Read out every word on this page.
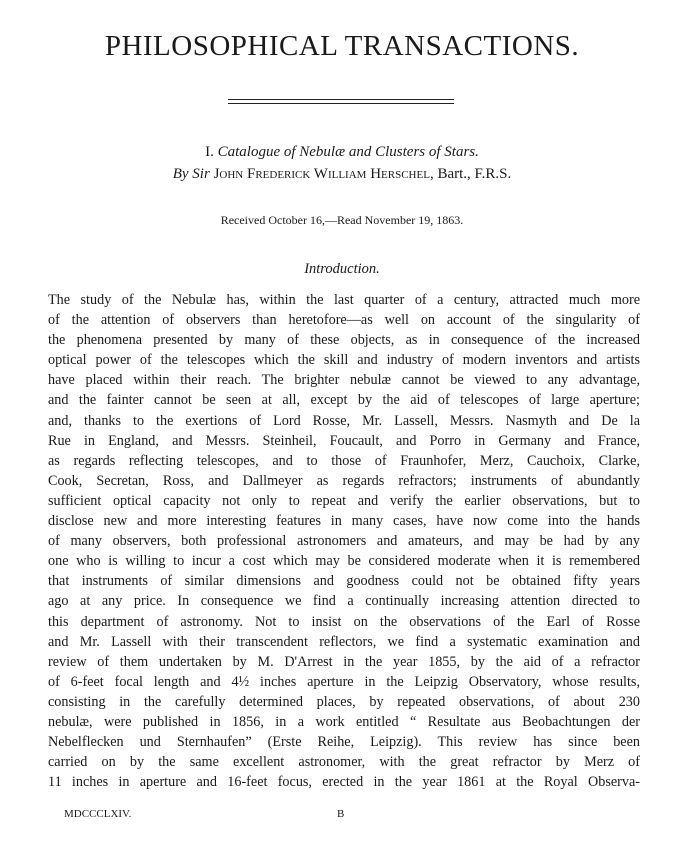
PHILOSOPHICAL TRANSACTIONS.
I. Catalogue of Nebulæ and Clusters of Stars.
By Sir John Frederick William Herschel, Bart., F.R.S.
Received October 16,—Read November 19, 1863.
Introduction.
The study of the Nebulæ has, within the last quarter of a century, attracted much more
of the attention of observers than heretofore—as well on account of the singularity of
the phenomena presented by many of these objects, as in consequence of the increased
optical power of the telescopes which the skill and industry of modern inventors and artists
have placed within their reach. The brighter nebulæ cannot be viewed to any advantage,
and the fainter cannot be seen at all, except by the aid of telescopes of large aperture;
and, thanks to the exertions of Lord Rosse, Mr. Lassell, Messrs. Nasmyth and De la
Rue in England, and Messrs. Steinheil, Foucault, and Porro in Germany and France,
as regards reflecting telescopes, and to those of Fraunhofer, Merz, Cauchoix, Clarke,
Cook, Secretan, Ross, and Dallmeyer as regards refractors; instruments of abundantly
sufficient optical capacity not only to repeat and verify the earlier observations, but to
disclose new and more interesting features in many cases, have now come into the hands
of many observers, both professional astronomers and amateurs, and may be had by any
one who is willing to incur a cost which may be considered moderate when it is remembered
that instruments of similar dimensions and goodness could not be obtained fifty years
ago at any price. In consequence we find a continually increasing attention directed to
this department of astronomy. Not to insist on the observations of the Earl of Rosse
and Mr. Lassell with their transcendent reflectors, we find a systematic examination and
review of them undertaken by M. D'Arrest in the year 1855, by the aid of a refractor
of 6-feet focal length and 4½ inches aperture in the Leipzig Observatory, whose results,
consisting in the carefully determined places, by repeated observations, of about 230
nebulæ, were published in 1856, in a work entitled “ Resultate aus Beobachtungen der
Nebelflecken und Sternhaufen” (Erste Reihe, Leipzig). This review has since been
carried on by the same excellent astronomer, with the great refractor by Merz of
11 inches in aperture and 16-feet focus, erected in the year 1861 at the Royal Observa-
MDCCCLXIV.	B
